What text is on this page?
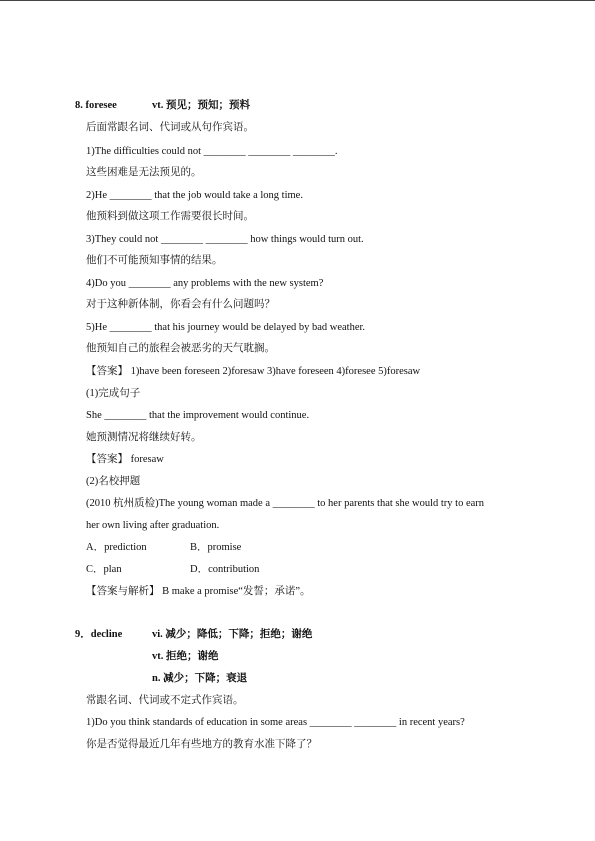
8. foresee	vt. 预见；预知；预料
后面常跟名词、代词或从句作宾语。
1)The difficulties could not ________ ________ ________.
这些困难是无法预见的。
2)He ________ that the job would take a long time.
他预料到做这项工作需要很长时间。
3)They could not ________ ________ how things would turn out.
他们不可能预知事情的结果。
4)Do you ________ any problems with the new system?
对于这种新体制，你看会有什么问题吗？
5)He ________ that his journey would be delayed by bad weather.
他预知自己的旅程会被恶劣的天气耽搁。
【答案】 1)have been foreseen 2)foresaw 3)have foreseen 4)foresee 5)foresaw
(1)完成句子
She ________ that the improvement would continue.
她预测情况将继续好转。
【答案】 foresaw
(2)名校押题
(2010 杭州质检)The young woman made a ________ to her parents that she would try to earn
her own living after graduation.
A．prediction	B．promise
C．plan	D．contribution
【答案与解析】 B make a promise“发誓；承诺”。
9．decline	vi. 减少；降低；下降；拒绝；谢绝
vt. 拒绝；谢绝
n. 减少；下降；衰退
常跟名词、代词或不定式作宾语。
1)Do you think standards of education in some areas ________ ________ in recent years?
你是否觉得最近几年有些地方的教育水准下降了？
